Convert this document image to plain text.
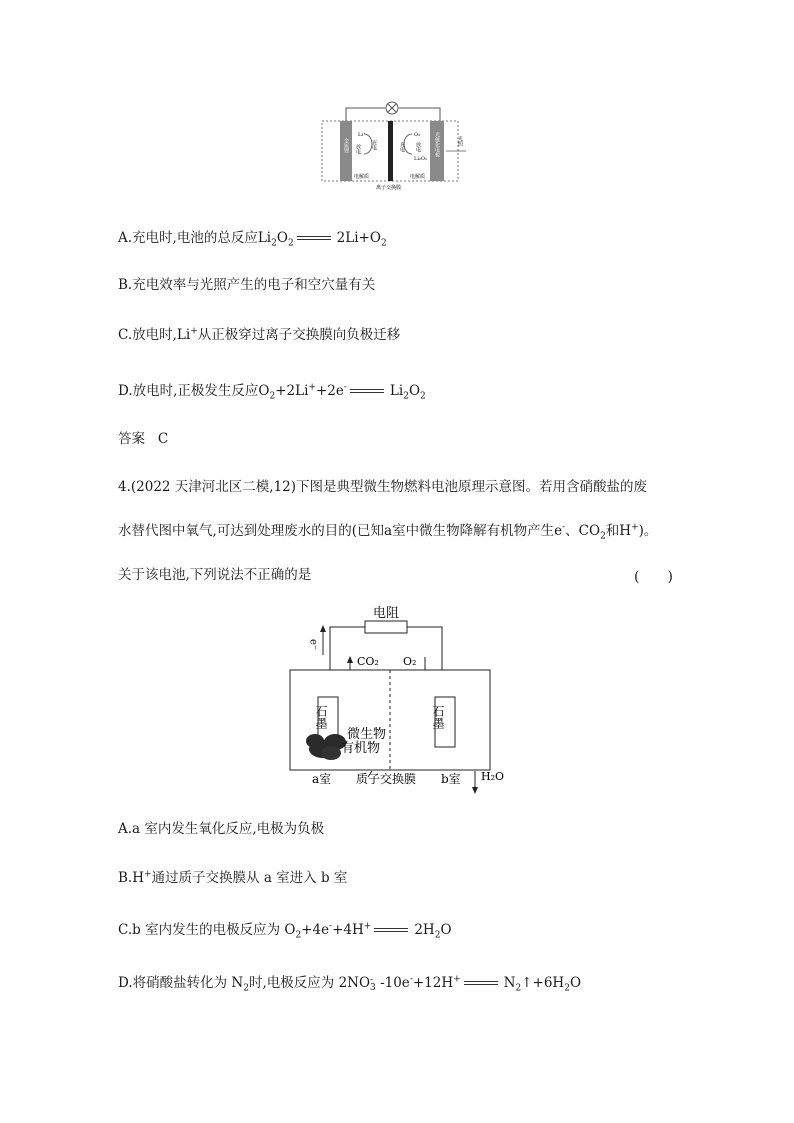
金属锂	光催化电极
Li⁺
放电 充电
O₂
充电 放电
Li₂O₂
光照
电解质	电解质
离子交换膜
A.充电时,电池的总反应$Li_2O_2$	$2Li+O_2$
B.充电效率与光照产生的电子和空穴量有关
C.放电时,Li+从正极穿过离子交换膜向负极迁移
D.放电时,正极发生反应$O_2+2Li^++2e^-$	$Li_2O_2$
答案 C
4.(2022 天津河北区二模,12)下图是典型微生物燃料电池原理示意图。若用含硝酸盐的废
水替代图中氧气,可达到处理废水的目的(已知a室中微生物降解有机物产生e-、$CO_2$和H+)。
关于该电池,下列说法不正确的是	(　　)
电阻
e⁻
CO₂ O₂
石墨	石墨
微生物
有机物
a室 质子交换膜 b室 H₂O
A.a 室内发生氧化反应,电极为负极
B.H+通过质子交换膜从 a 室进入 b 室
C.b 室内发生的电极反应为 $O_2+4e^-+4H^+$	$2H_2O$
D.将硝酸盐转化为 $N_2$时,电极反应为 2NO -
3 -10e-+12H+	$N_2↑+6H_2O$
